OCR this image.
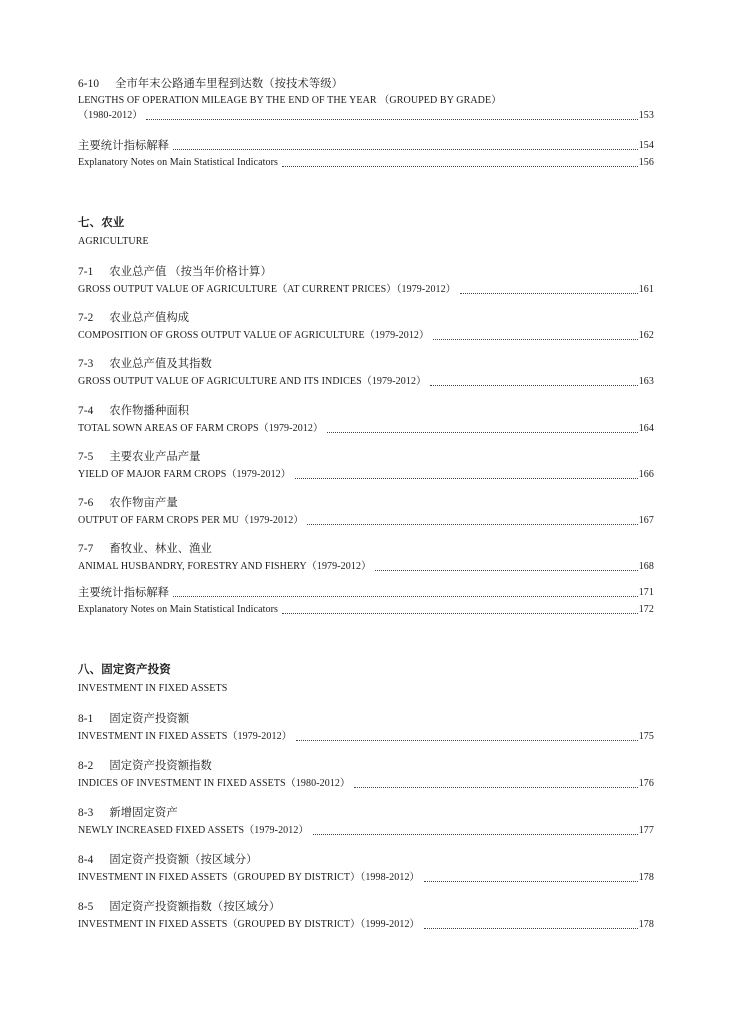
6-10 全市年末公路通车里程到达数（按技术等级）
LENGTHS OF OPERATION MILEAGE BY THE END OF THE YEAR （GROUPED BY GRADE）
（1980-2012）	153
主要统计指标解释	154
Explanatory Notes on Main Statistical Indicators	156
七、农业
AGRICULTURE
7-1 农业总产值 （按当年价格计算）
GROSS OUTPUT VALUE OF AGRICULTURE（AT CURRENT PRICES）（1979-2012）	161
7-2 农业总产值构成
COMPOSITION OF GROSS OUTPUT VALUE OF AGRICULTURE（1979-2012）	162
7-3 农业总产值及其指数
GROSS OUTPUT VALUE OF AGRICULTURE AND ITS INDICES（1979-2012）	163
7-4 农作物播种面积
TOTAL SOWN AREAS OF FARM CROPS（1979-2012）	164
7-5 主要农业产品产量
YIELD OF MAJOR FARM CROPS（1979-2012）	166
7-6 农作物亩产量
OUTPUT OF FARM CROPS PER MU（1979-2012）	167
7-7 畜牧业、林业、渔业
ANIMAL HUSBANDRY, FORESTRY AND FISHERY（1979-2012）	168
主要统计指标解释	171
Explanatory Notes on Main Statistical Indicators	172
八、固定资产投资
INVESTMENT IN FIXED ASSETS
8-1 固定资产投资额
INVESTMENT IN FIXED ASSETS（1979-2012）	175
8-2 固定资产投资额指数
INDICES OF INVESTMENT IN FIXED ASSETS（1980-2012）	176
8-3 新增固定资产
NEWLY INCREASED FIXED ASSETS（1979-2012）	177
8-4 固定资产投资额（按区域分）
INVESTMENT IN FIXED ASSETS（GROUPED BY DISTRICT）（1998-2012）	178
8-5 固定资产投资额指数（按区域分）
INVESTMENT IN FIXED ASSETS（GROUPED BY DISTRICT）（1999-2012）	178
